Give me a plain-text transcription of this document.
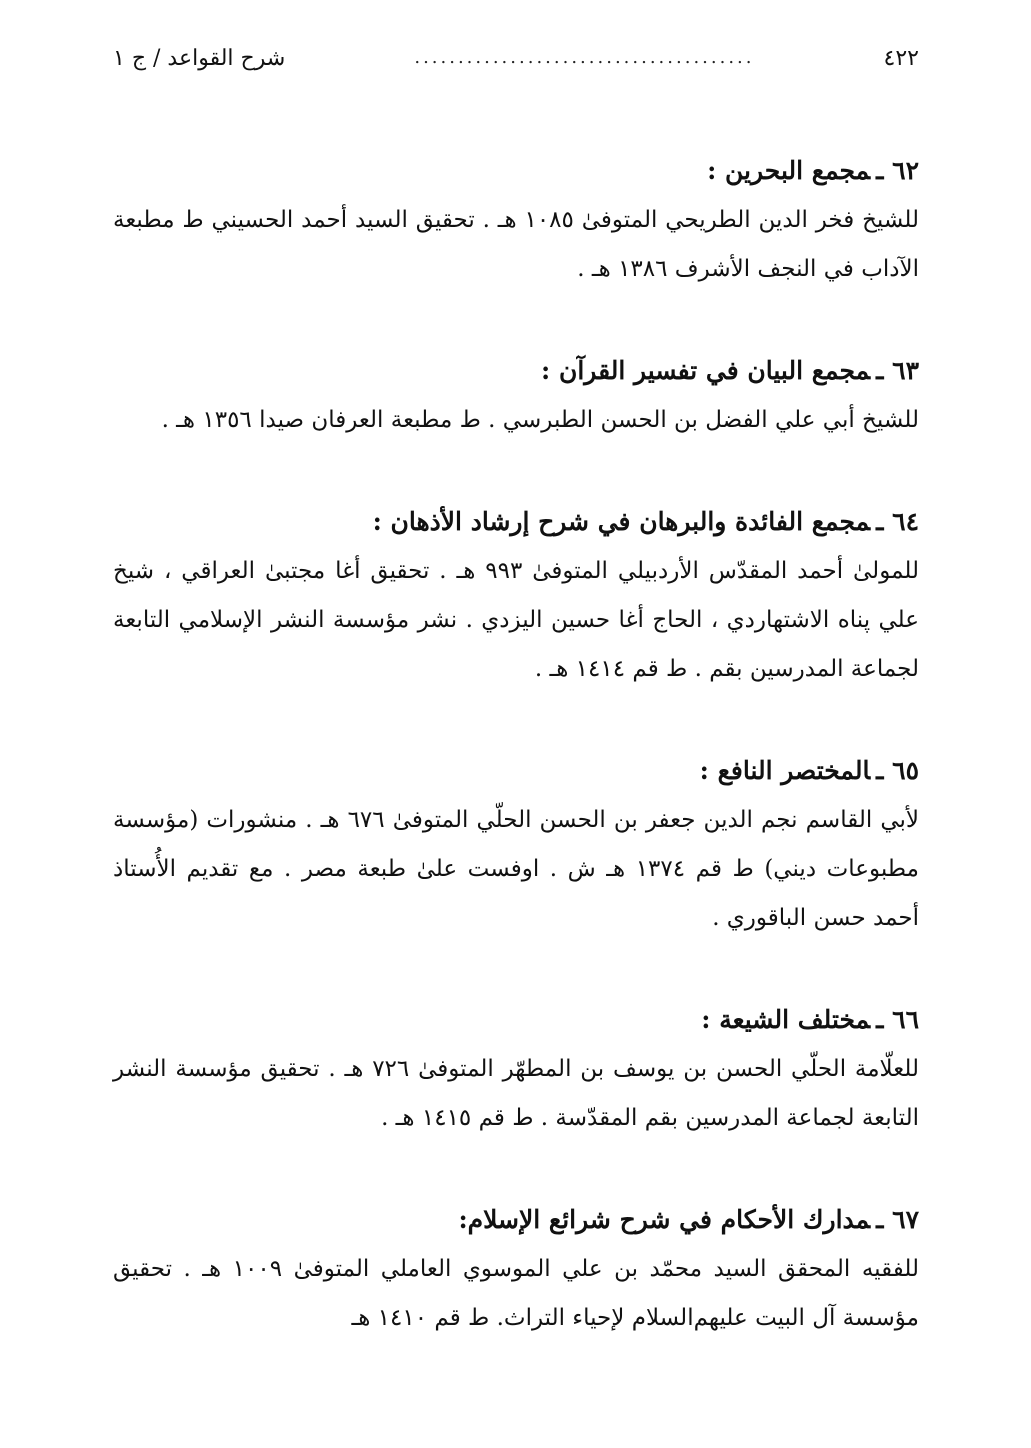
٤٢٢
.......................................
شرح القواعد / ج ١
٦٢ ـمجمع البحرين :

للشيخ فخر الدين الطريحي المتوفىٰ ١٠٨٥ هـ . تحقيق السيد أحمد الحسيني ط مطبعة الآداب في النجف الأشرف ١٣٨٦ هـ .

٦٣ ـمجمع البيان في تفسير القرآن :

للشيخ أبي علي الفضل بن الحسن الطبرسي . ط مطبعة العرفان صيدا ١٣٥٦ هـ .

٦٤ ـمجمع الفائدة والبرهان في شرح إرشاد الأذهان :

للمولىٰ أحمد المقدّس الأردبيلي المتوفىٰ ٩٩٣ هـ . تحقيق أغا مجتبىٰ العراقي ، شيخ علي پناه الاشتهاردي ، الحاج أغا حسين اليزدي . نشر مؤسسة النشر الإسلامي التابعة لجماعة المدرسين بقم . ط قم ١٤١٤ هـ .

٦٥ ـالمختصر النافع :

لأبي القاسم نجم الدين جعفر بن الحسن الحلّي المتوفىٰ ٦٧٦ هـ . منشورات (مؤسسة مطبوعات ديني) ط قم ١٣٧٤ هـ ش . اوفست علىٰ طبعة مصر . مع تقديم الأُستاذ أحمد حسن الباقوري .

٦٦ ـمختلف الشيعة :

للعلّامة الحلّي الحسن بن يوسف بن المطهّر المتوفىٰ ٧٢٦ هـ . تحقيق مؤسسة النشر التابعة لجماعة المدرسين بقم المقدّسة . ط قم ١٤١٥ هـ .

٦٧ ـمدارك الأحكام في شرح شرائع الإسلام:

للفقيه المحقق السيد محمّد بن علي الموسوي العاملي المتوفىٰ ١٠٠٩ هـ . تحقيق مؤسسة آل البيت عليهم‌السلام لإحياء التراث. ط قم ١٤١٠ هـ
